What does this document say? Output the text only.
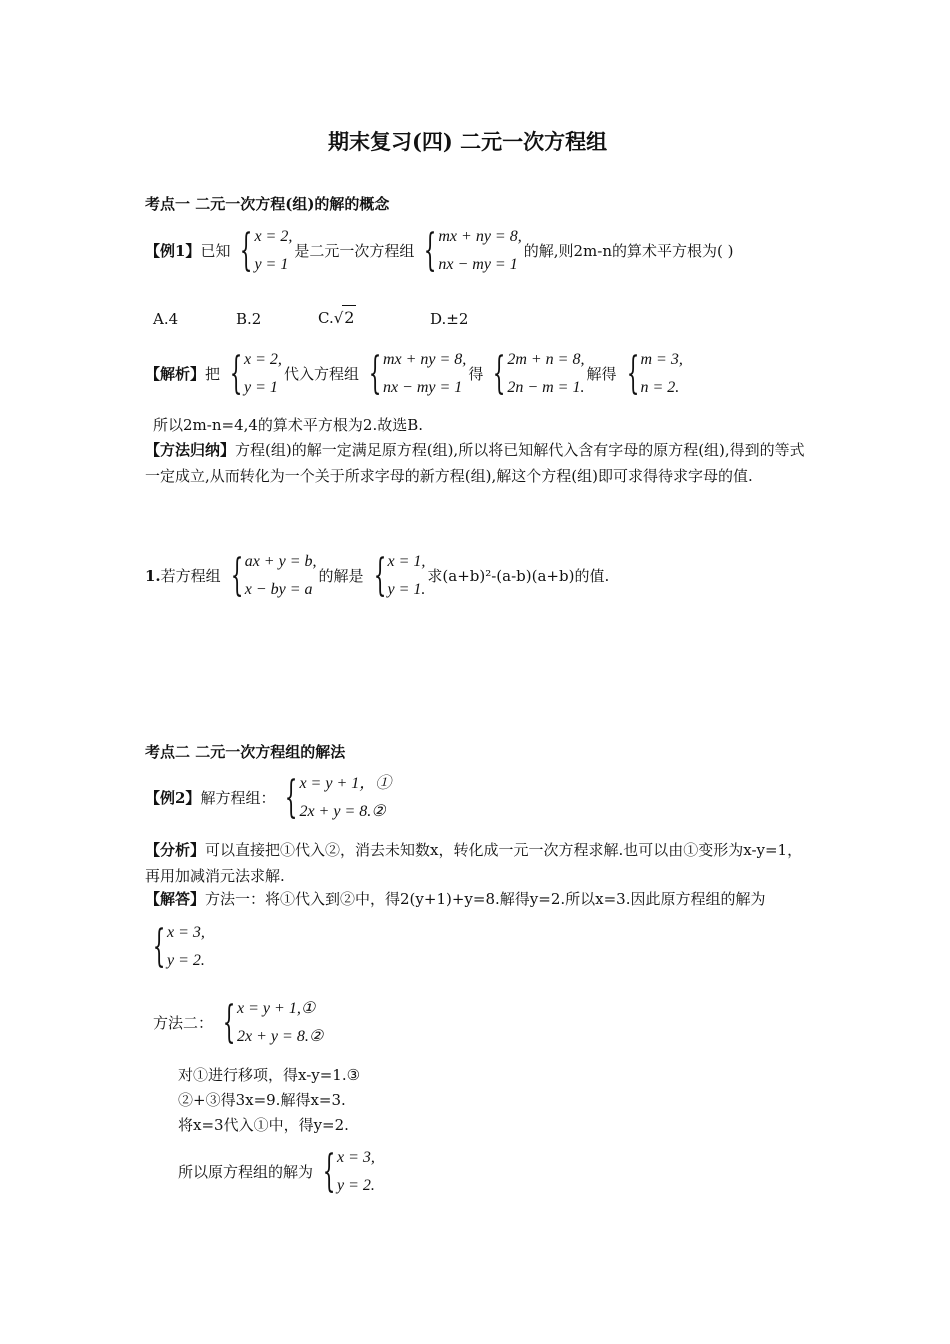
期末复习(四) 二元一次方程组
考点一 二元一次方程(组)的解的概念
【例1】 已知 { x = 2,
y = 1
是二元一次方程组 { mx + ny = 8,
nx − my = 1
的解,则2m-n的算术平方根为( )
A.4	B.2	C.√2	D.±2
【解析】 把 { x = 2,
y = 1
代入方程组 { mx + ny = 8,
nx − my = 1
得 { 2m + n = 8,
2n − m = 1.
解得 { m = 3,
n = 2.
所以2m-n=4,4的算术平方根为2.故选B.
【方法归纳】方程(组)的解一定满足原方程(组),所以将已知解代入含有字母的原方程(组),得到的等式一定成立,从而转化为一个关于所求字母的新方程(组),解这个方程(组)即可求得待求字母的值.
1. 若方程组 { ax + y = b,
x − by = a
的解是 { x = 1,
y = 1.
求(a+b)²-(a-b)(a+b)的值.
考点二 二元一次方程组的解法
【例2】 解方程组： { x = y + 1，①
2x + y = 8.②
【分析】可以直接把①代入②，消去未知数x，转化成一元一次方程求解.也可以由①变形为x-y=1，再用加减消元法求解.
【解答】方法一：将①代入到②中，得2(y+1)+y=8.解得y=2.所以x=3.因此原方程组的解为
{ x = 3,
y = 2.
方法二： { x = y + 1,①
2x + y = 8.②
对①进行移项，得x-y=1.③
②+③得3x=9.解得x=3.
将x=3代入①中，得y=2.
所以原方程组的解为 { x = 3,
y = 2.
